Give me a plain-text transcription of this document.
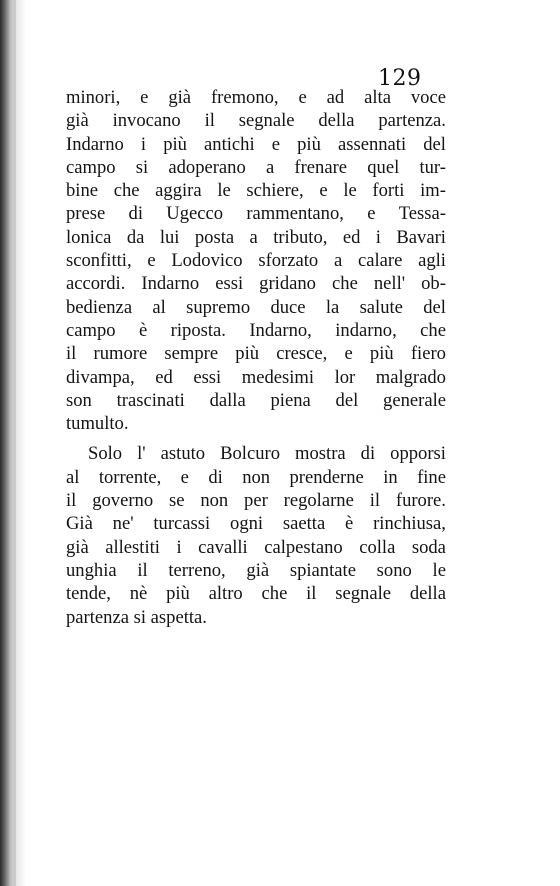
129
minori, e già fremono, e ad alta voce
già invocano il segnale della partenza.
Indarno i più antichi e più assennati del
campo si adoperano a frenare quel tur-
bine che aggira le schiere, e le forti im-
prese di Ugecco rammentano, e Tessa-
lonica da lui posta a tributo, ed i Bavari
sconfitti, e Lodovico sforzato a calare agli
accordi. Indarno essi gridano che nell' ob-
bedienza al supremo duce la salute del
campo è riposta. Indarno, indarno, che
il rumore sempre più cresce, e più fiero
divampa, ed essi medesimi lor malgrado
son trascinati dalla piena del generale
tumulto.
Solo l' astuto Bolcuro mostra di opporsi
al torrente, e di non prenderne in fine
il governo se non per regolarne il furore.
Già ne' turcassi ogni saetta è rinchiusa,
già allestiti i cavalli calpestano colla soda
unghia il terreno, già spiantate sono le
tende, nè più altro che il segnale della
partenza si aspetta.
